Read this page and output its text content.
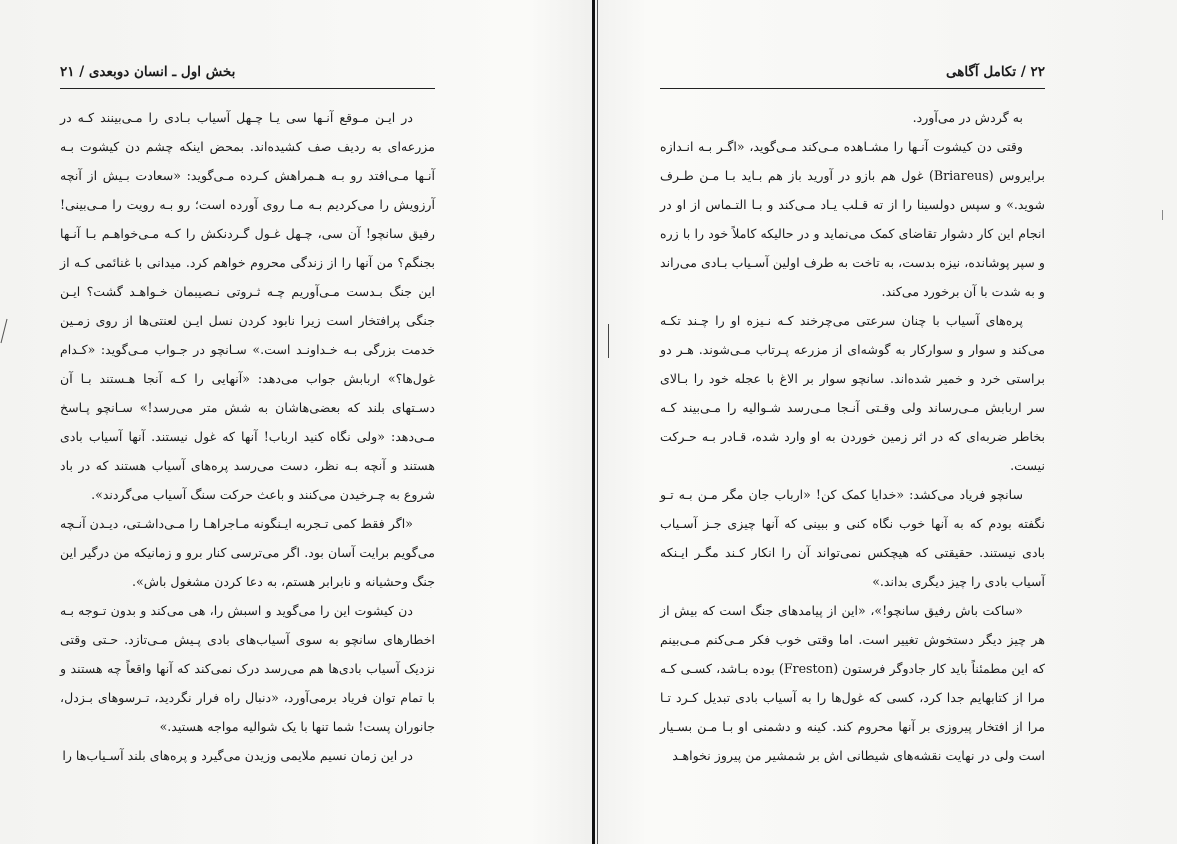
بخش اول ـ انسان دوبعدی / ۲۱

در ایـن مـوقع آنـها سی یـا چـهل آسیاب بـادی را مـی‌بینند کـه در مزرعه‌ای به ردیف صف کشیده‌اند. بمحض اینکه چشم دن کیشوت بـه آنـها مـی‌افتد رو بـه هـمراهش کـرده مـی‌گوید: «سعادت بـیش از آنچه آرزویش را می‌کردیم بـه مـا روی آورده است؛ رو بـه رویت را مـی‌بینی! رفیق سانچو! آن سی، چـهل غـول گـردنکش را کـه مـی‌خواهـم بـا آنـها بجنگم؟ من آنها را از زندگی محروم خواهم کرد. میدانی با غنائمی کـه از این جنگ بـدست مـی‌آوریم چـه ثـروتی نـصیبمان خـواهـد گشت؟ ایـن جنگی پرافتخار است زیرا نابود کردن نسل ایـن لعنتی‌ها از روی زمـین خدمت بزرگی بـه خـداونـد است.» سـانچو در جـواب مـی‌گوید: «کـدام غول‌ها؟» اربابش جواب می‌دهد: «آنهایی را کـه آنجا هـستند بـا آن دسـتهای بلند که بعضی‌هاشان به شش متر می‌رسد!» سـانچو پـاسخ مـی‌دهد: «ولی نگاه کنید ارباب! آنها که غول نیستند. آنها آسیاب بادی هستند و آنچه بـه نظر، دست می‌رسد پره‌های آسیاب هستند که در باد شروع به چـرخیدن می‌کنند و باعث حرکت سنگ آسیاب می‌گردند».

«اگر فقط کمی تـجربه ایـنگونه مـاجراهـا را مـی‌داشـتی، دیـدن آنـچه می‌گویم برایت آسان بود. اگر می‌ترسی کنار برو و زمانیکه من درگیر این جنگ وحشیانه و نابرابر هستم، به دعا کردن مشغول باش».

دن کیشوت این را می‌گوید و اسبش را، هی می‌کند و بدون تـوجه بـه اخطارهای سانچو به سوی آسیاب‌های بادی پـیش مـی‌تازد. حـتی وقتی نزدیک آسیاب بادی‌ها هم می‌رسد درک نمی‌کند که آنها واقعاً چه هستند و با تمام توان فریاد برمی‌آورد، «دنبال راه فرار نگردید، تـرسوهای بـزدل، جانوران پست! شما تنها با یک شوالیه مواجه هستید.»

در این زمان نسیم ملایمی وزیدن می‌گیرد و پره‌های بلند آسـیاب‌ها را

۲۲ / تکامل آگاهی

به گردش در می‌آورد.

وقتی دن کیشوت آنـها را مشـاهده مـی‌کند مـی‌گوید، «اگـر بـه انـدازه برایروس (Briareus) غول هم بازو در آورید باز هم بـاید بـا مـن طـرف شوید.» و سپس دولسینا را از ته قـلب یـاد مـی‌کند و بـا التـماس از او در انجام این کار دشوار تقاضای کمک می‌نماید و در حالیکه کاملاً خود را با زره و سپر پوشانده، نیزه بدست، به تاخت به طرف اولین آسـیاب بـادی می‌راند و به شدت با آن برخورد می‌کند.

پره‌های آسیاب با چنان سرعتی می‌چرخند کـه نـیزه او را چـند تکـه می‌کند و سوار و سوارکار به گوشه‌ای از مزرعه پـرتاب مـی‌شوند. هـر دو براستی خرد و خمیر شده‌اند. سانچو سوار بر الاغ با عجله خود را بـالای سر اربابش مـی‌رساند ولی وقـتی آنـجا مـی‌رسد شـوالیه را مـی‌بیند کـه بخاطر ضربه‌ای که در اثر زمین خوردن به او وارد شده، قـادر بـه حـرکت نیست.

سانچو فریاد می‌کشد: «خدایا کمک کن! «ارباب جان مگر مـن بـه تـو نگفته بودم که به آنها خوب نگاه کنی و ببینی که آنها چیزی جـز آسـیاب بادی نیستند. حقیقتی که هیچکس نمی‌تواند آن را انکار کـند مگـر ایـنکه آسیاب بادی را چیز دیگری بداند.»

«ساکت باش رفیق سانچو!»، «این از پیامدهای جنگ است که بیش از هر چیز دیگر دستخوش تغییر است. اما وقتی خوب فکر مـی‌کنم مـی‌بینم که این مطمئناً باید کار جادوگر فرستون (Freston) بوده بـاشد، کسـی کـه مرا از کتابهایم جدا کرد، کسی که غول‌ها را به آسیاب بادی تبدیل کـرد تـا مرا از افتخار پیروزی بر آنها محروم کند. کینه و دشمنی او بـا مـن بسـیار است ولی در نهایت نقشه‌های شیطانی اش بر شمشیر من پیروز نخواهـد
